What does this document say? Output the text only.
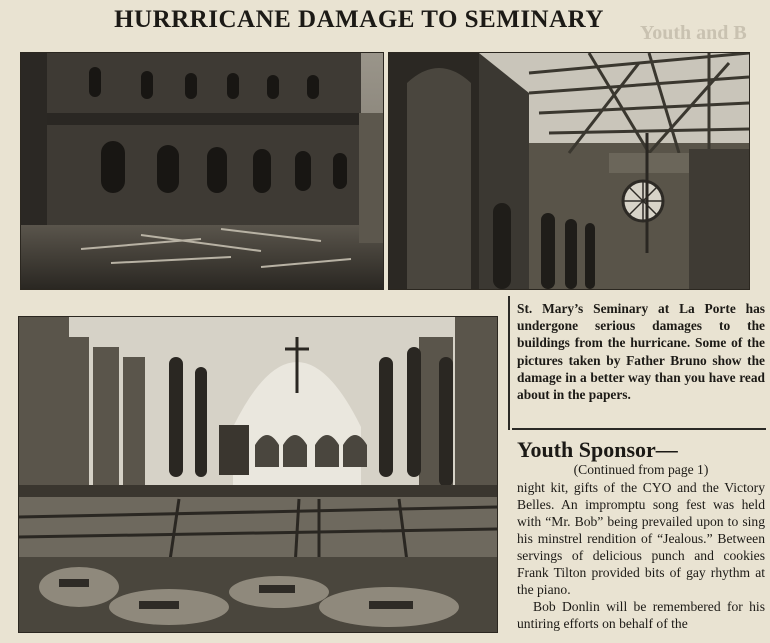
HURRRICANE DAMAGE TO SEMINARY	Youth and B
St. Mary’s Seminary at La Porte has undergone serious damages to the buildings from the hurricane. Some of the pictures taken by Father Bruno show the damage in a better way than you have read about in the papers.
Youth Sponsor—
(Continued from page 1)

night kit, gifts of the CYO and the Victory Belles. An impromptu song fest was held with “Mr. Bob” being prevailed upon to sing his minstrel rendition of “Jealous.” Between servings of delicious punch and cookies Frank Tilton provided bits of gay rhythm at the piano.

Bob Donlin will be remembered for his untiring efforts on behalf of the
